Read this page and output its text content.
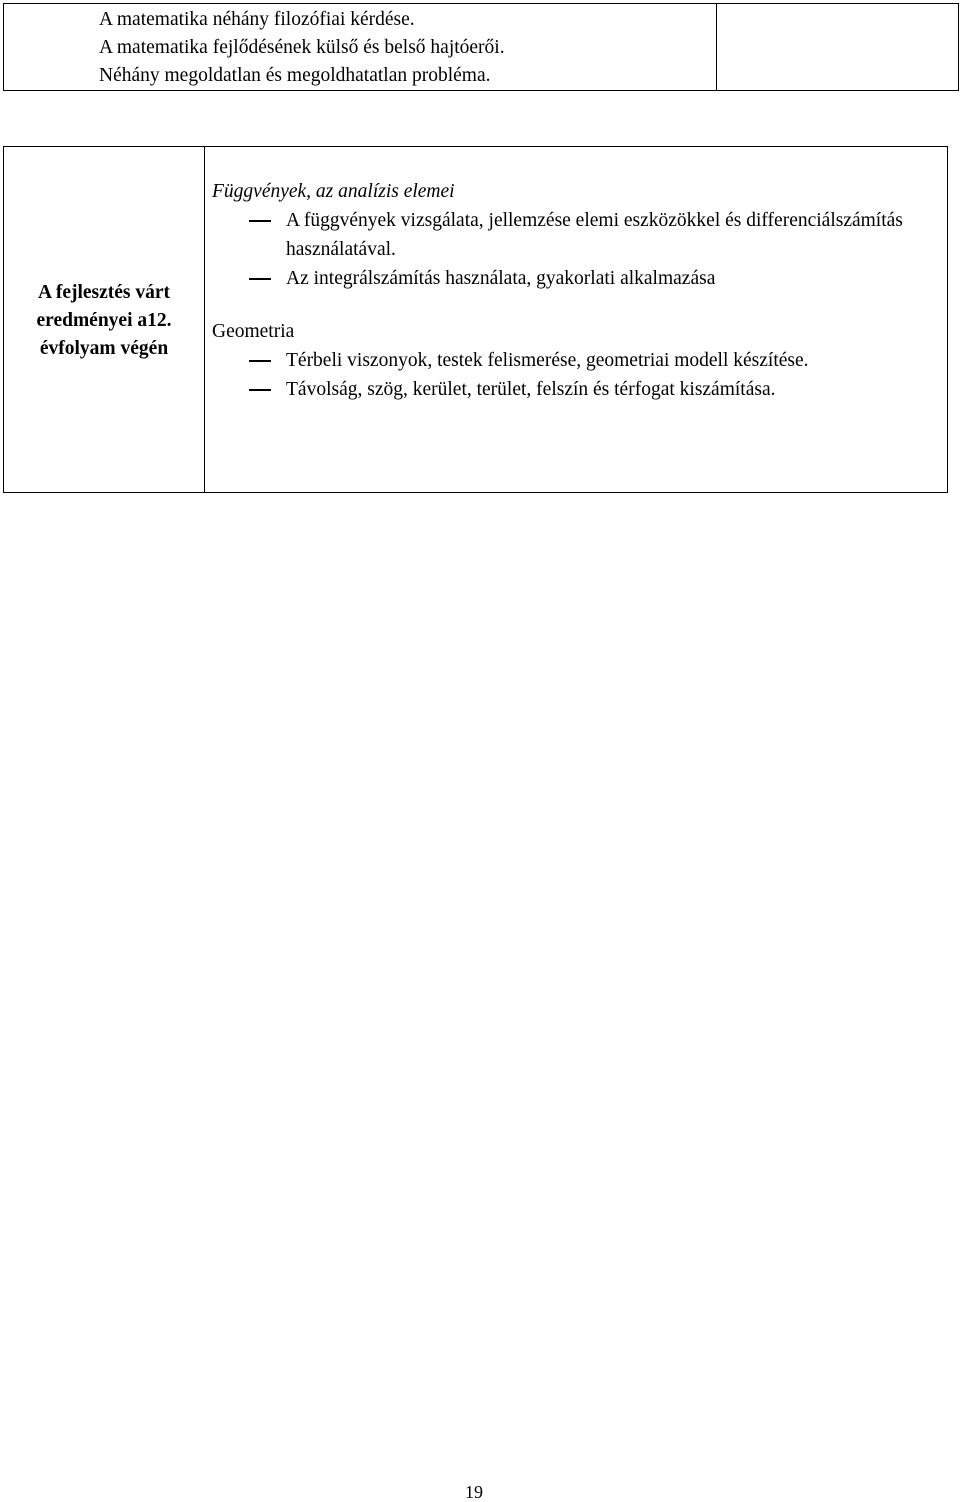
A matematika néhány filozófiai kérdése.
A matematika fejlődésének külső és belső hajtóerői.
Néhány megoldatlan és megoldhatatlan probléma.

A fejlesztés várt
eredményei a12.
évfolyam végén

Függvények, az analízis elemei
A függvények vizsgálata, jellemzése elemi eszközökkel és differenciálszámítás használatával.
Az integrálszámítás használata, gyakorlati alkalmazása
Geometria
Térbeli viszonyok, testek felismerése, geometriai modell készítése.
Távolság, szög, kerület, terület, felszín és térfogat kiszámítása.
19
